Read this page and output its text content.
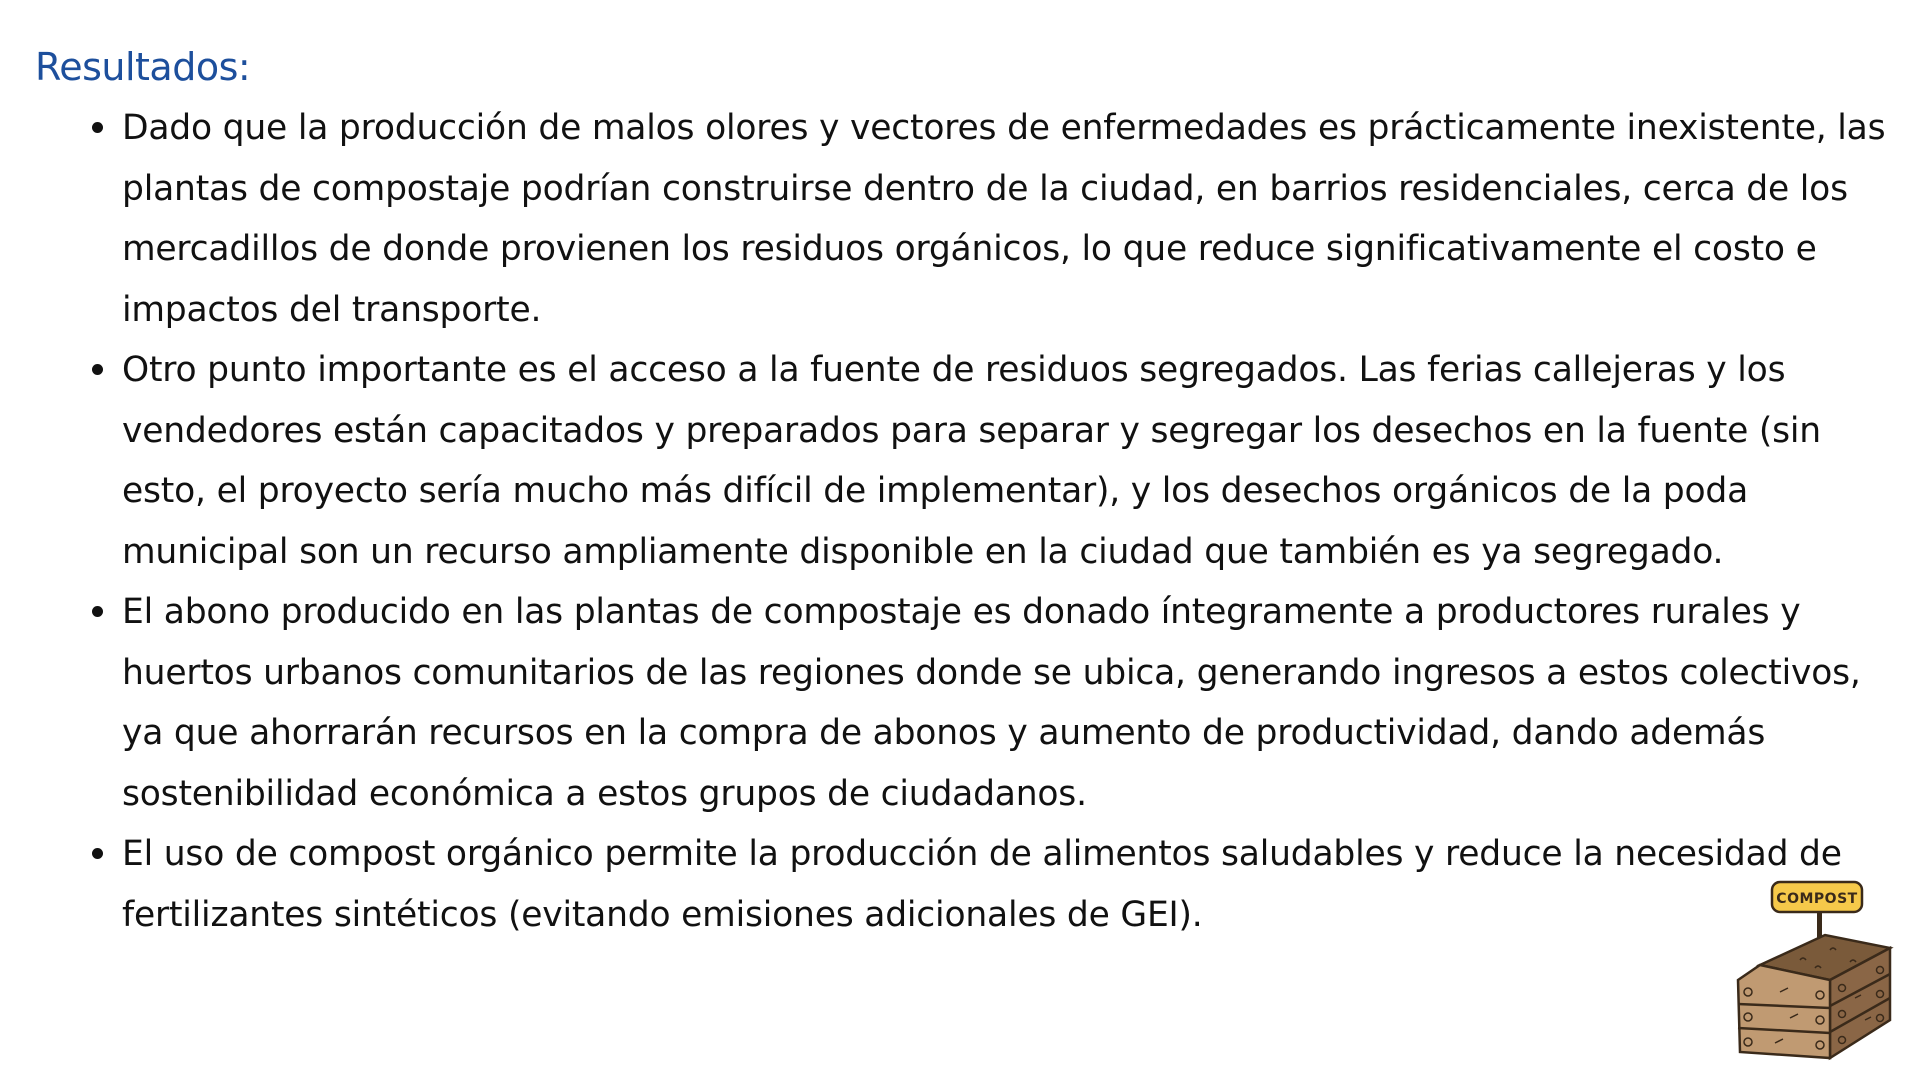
Resultados:
Dado que la producción de malos olores y vectores de enfermedades es prácticamente inexistente, las plantas de compostaje podrían construirse dentro de la ciudad, en barrios residenciales, cerca de los mercadillos de donde provienen los residuos orgánicos, lo que reduce significativamente el costo e impactos del transporte.
Otro punto importante es el acceso a la fuente de residuos segregados. Las ferias callejeras y los vendedores están capacitados y preparados para separar y segregar los desechos en la fuente (sin esto, el proyecto sería mucho más difícil de implementar), y los desechos orgánicos de la poda municipal son un recurso ampliamente disponible en la ciudad que también es ya segregado.
El abono producido en las plantas de compostaje es donado íntegramente a productores rurales y huertos urbanos comunitarios de las regiones donde se ubica, generando ingresos a estos colectivos, ya que ahorrarán recursos en la compra de abonos y aumento de productividad, dando además sostenibilidad económica a estos grupos de ciudadanos.
El uso de compost orgánico permite la producción de alimentos saludables y reduce la necesidad de fertilizantes sintéticos (evitando emisiones adicionales de GEI).	COMPOST
